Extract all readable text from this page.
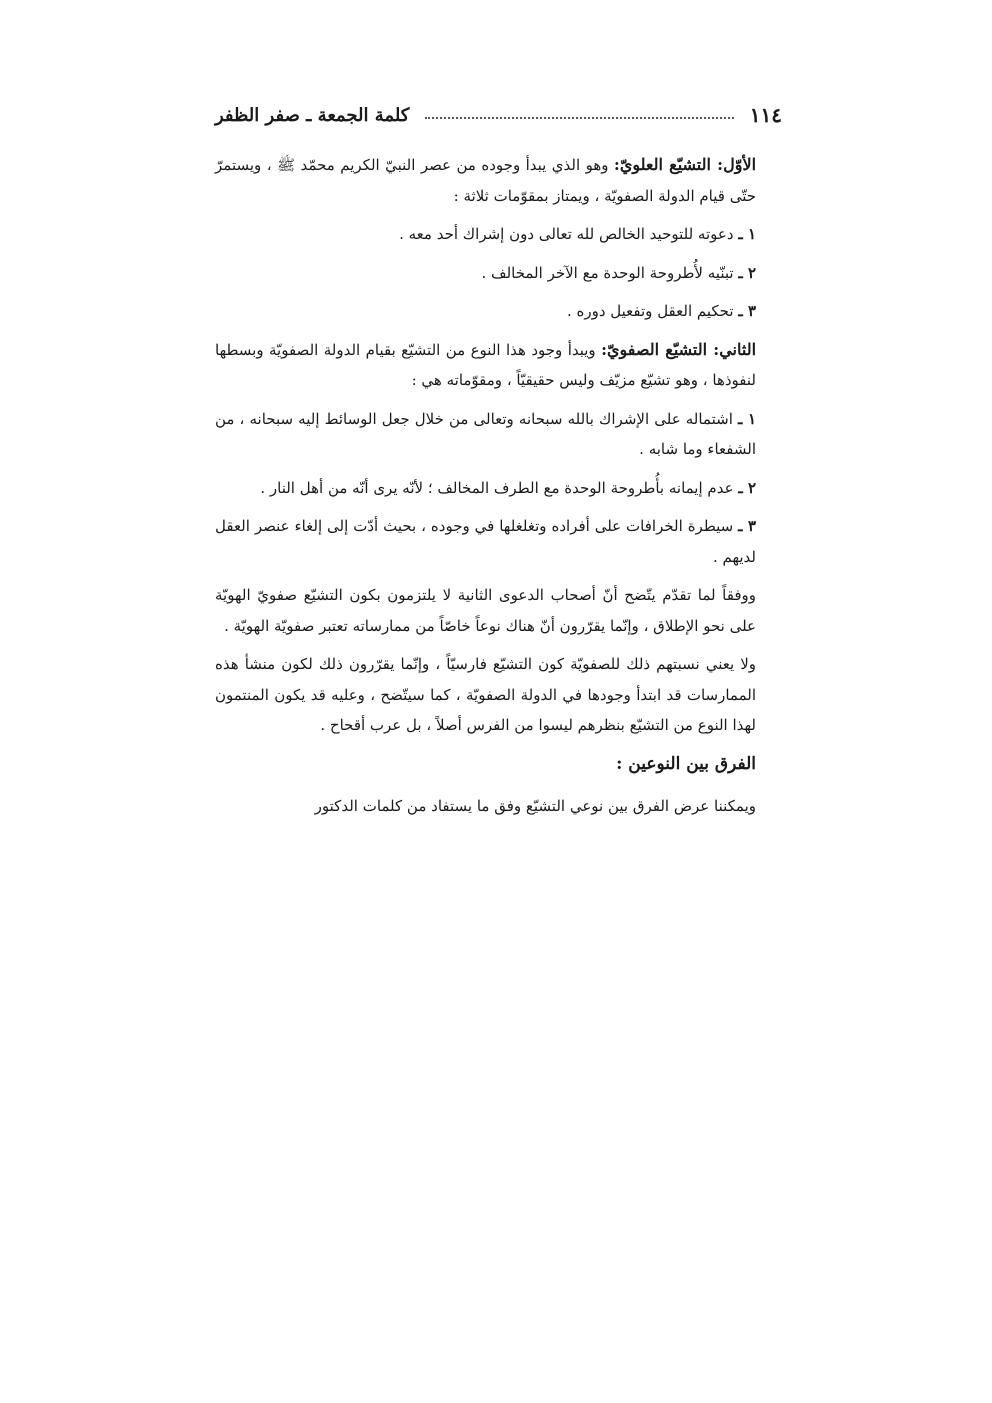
١١٤
كلمة الجمعة ـ صفر الظفر

الأوّل: التشيّع العلويّ: وهو الذي يبدأ وجوده من عصر النبيّ الكريم محمّد ﷺ ، ويستمرّ حتّى قيام الدولة الصفويّة ، ويمتاز بمقوّمات ثلاثة :

١ ـ دعوته للتوحيد الخالص لله تعالى دون إشراك أحد معه .

٢ ـ تبنّيه لأُطروحة الوحدة مع الآخر المخالف .

٣ ـ تحكيم العقل وتفعيل دوره .

الثاني: التشيّع الصفويّ: ويبدأ وجود هذا النوع من التشيّع بقيام الدولة الصفويّة وبسطها لنفوذها ، وهو تشيّع مزيّف وليس حقيقيّاً ، ومقوّماته هي :

١ ـ اشتماله على الإشراك بالله سبحانه وتعالى من خلال جعل الوسائط إليه سبحانه ، من الشفعاء وما شابه .

٢ ـ عدم إيمانه بأُطروحة الوحدة مع الطرف المخالف ؛ لأنّه يرى أنّه من أهل النار .

٣ ـ سيطرة الخرافات على أفراده وتغلغلها في وجوده ، بحيث أدّت إلى إلغاء عنصر العقل لديهم .

ووفقاً لما تقدّم يتّضح أنّ أصحاب الدعوى الثانية لا يلتزمون بكون التشيّع صفويّ الهويّة على نحو الإطلاق ، وإنّما يقرّرون أنّ هناك نوعاً خاصّاً من ممارساته تعتبر صفويّة الهويّة .

ولا يعني نسبتهم ذلك للصفويّة كون التشيّع فارسيّاً ، وإنّما يقرّرون ذلك لكون منشأ هذه الممارسات قد ابتدأ وجودها في الدولة الصفويّة ، كما سيتّضح ، وعليه قد يكون المنتمون لهذا النوع من التشيّع بنظرهم ليسوا من الفرس أصلاً ، بل عرب أقحاح .

الفرق بين النوعين :

ويمكننا عرض الفرق بين نوعي التشيّع وفق ما يستفاد من كلمات الدكتور
